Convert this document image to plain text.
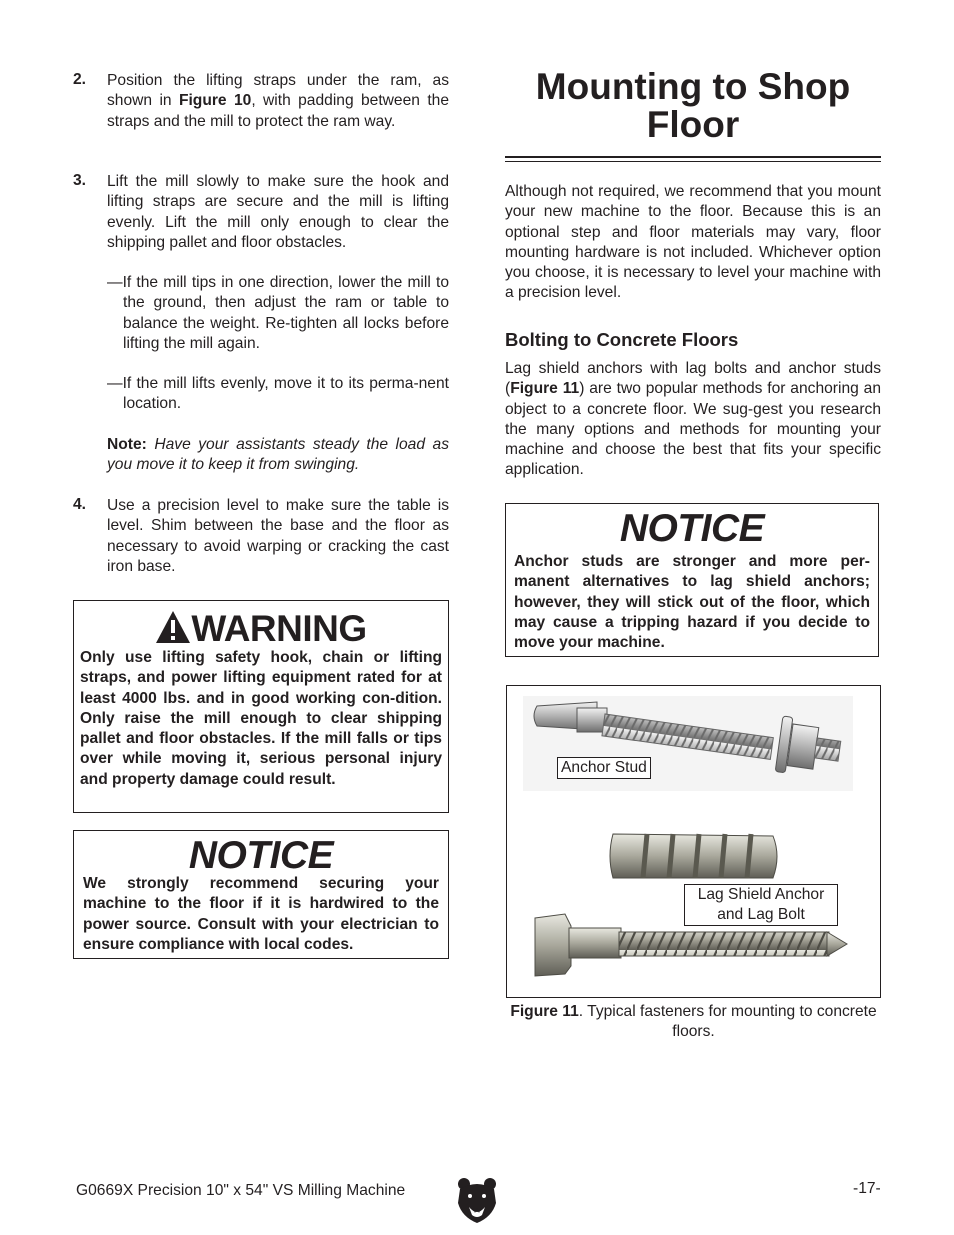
2. Position the lifting straps under the ram, as shown in Figure 10, with padding between the straps and the mill to protect the ram way.
3. Lift the mill slowly to make sure the hook and lifting straps are secure and the mill is lifting evenly. Lift the mill only enough to clear the shipping pallet and floor obstacles.
—If the mill tips in one direction, lower the mill to the ground, then adjust the ram or table to balance the weight. Re-tighten all locks before lifting the mill again.
—If the mill lifts evenly, move it to its perma-nent location.
Note: Have your assistants steady the load as you move it to keep it from swinging.
4. Use a precision level to make sure the table is level. Shim between the base and the floor as necessary to avoid warping or cracking the cast iron base.
WARNING
Only use lifting safety hook, chain or lifting straps, and power lifting equipment rated for at least 4000 lbs. and in good working con-dition. Only raise the mill enough to clear shipping pallet and floor obstacles. If the mill falls or tips over while moving it, serious personal injury and property damage could result.
NOTICE
We strongly recommend securing your machine to the floor if it is hardwired to the power source. Consult with your electrician to ensure compliance with local codes.
Mounting to Shop
Floor
Although not required, we recommend that you mount your new machine to the floor. Because this is an optional step and floor materials may vary, floor mounting hardware is not included. Whichever option you choose, it is necessary to level your machine with a precision level.
Bolting to Concrete Floors
Lag shield anchors with lag bolts and anchor studs (Figure 11) are two popular methods for anchoring an object to a concrete floor. We sug-gest you research the many options and methods for mounting your machine and choose the best that fits your specific application.
NOTICE
Anchor studs are stronger and more per-manent alternatives to lag shield anchors; however, they will stick out of the floor, which may cause a tripping hazard if you decide to move your machine.
Anchor Stud
Lag Shield Anchor
and Lag Bolt
Figure 11. Typical fasteners for mounting to concrete floors.
G0669X Precision 10" x 54" VS Milling Machine	-17-
